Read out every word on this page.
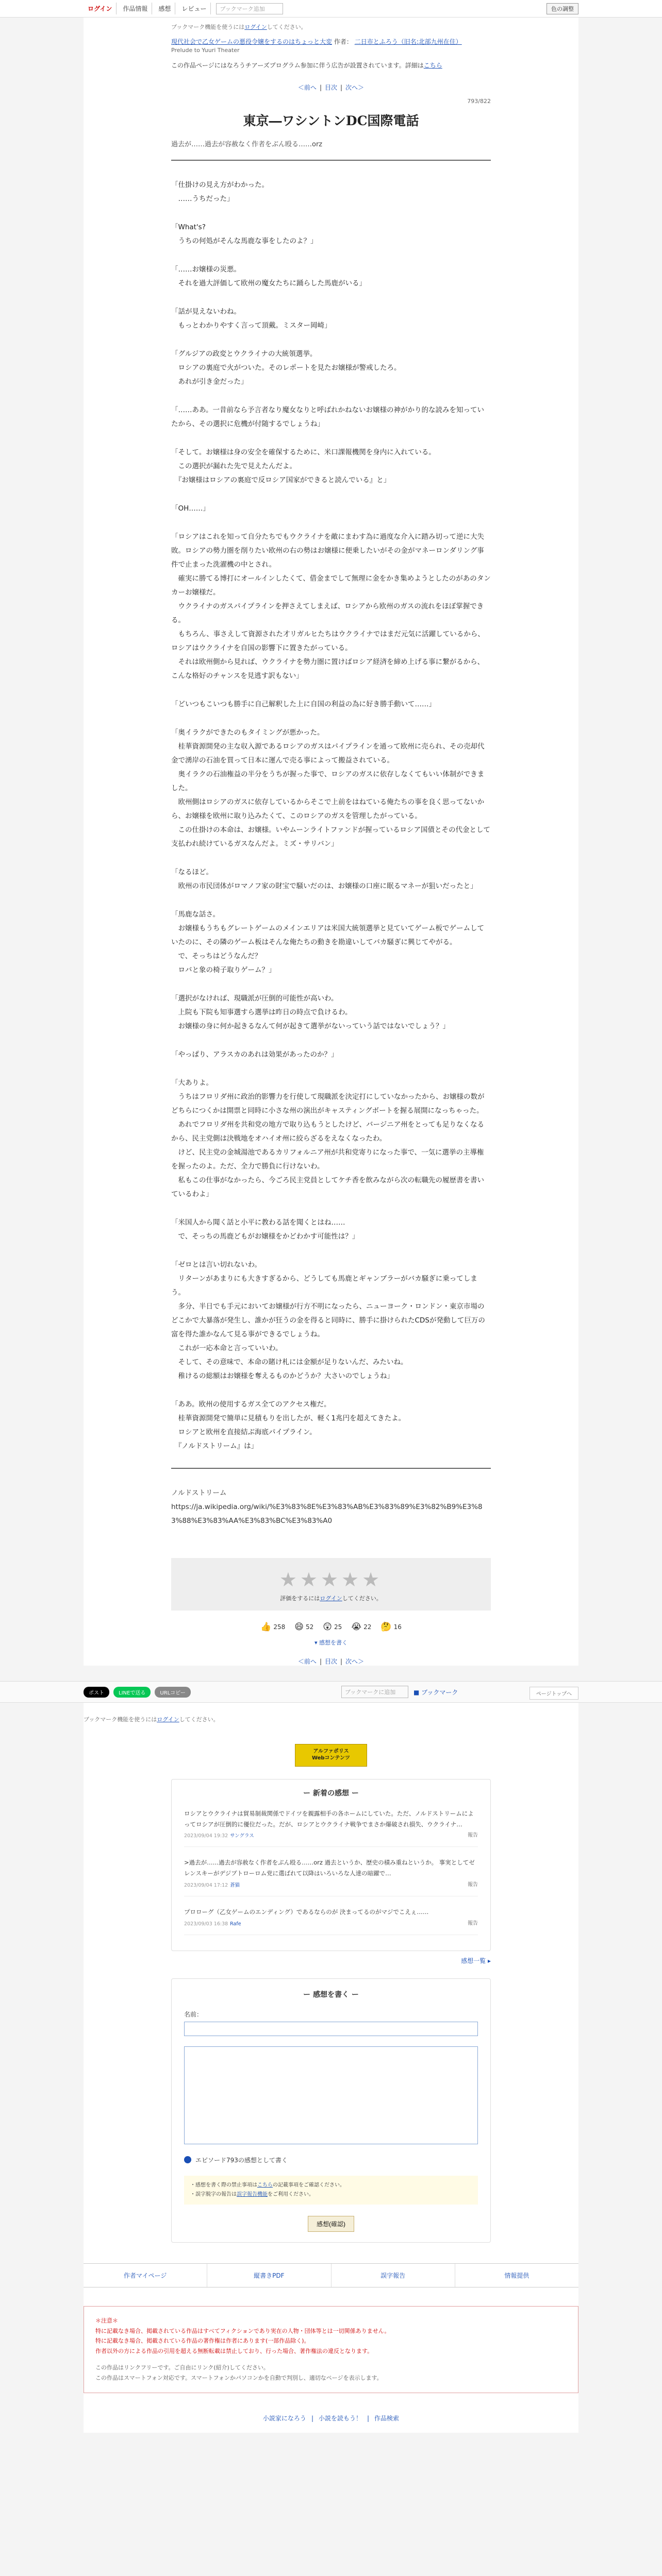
ログイン	作品情報	感想	レビュー	ブックマーク追加	色の調整
ブックマーク機能を使うにはログインしてください。
現代社会で乙女ゲームの悪役令嬢をするのはちょっと大変 作者： 二日市とふろう（旧名:北部九州在住）
Prelude to Yuuri Theater
この作品ページにはなろうチアーズプログラム参加に伴う広告が設置されています。詳細はこちら
＜前へ | 目次 | 次へ＞
793/822
東京―ワシントンDC国際電話
過去が……過去が容赦なく作者をぶん殴る……orz

「仕掛けの見え方がわかった。
　……うちだった」

「What's?
　うちの何処がそんな馬鹿な事をしたのよ？」

「……お嬢様の災悪。
　それを過大評価して欧州の魔女たちに踊らした馬鹿がいる」

「話が見えないわね。
　もっとわかりやすく言って頂戴。ミスター岡崎」

「グルジアの政変とウクライナの大統領選挙。
　ロシアの裏庭で火がついた。そのレポートを見たお嬢様が警戒したろ。
　あれが引き金だった」

「……ああ。一昔前なら予言者なり魔女なりと呼ばれかねないお嬢様の神がかり的な読みを知っていたから、その選択に危機が付随するでしょうね」

「そして。お嬢様は身の安全を確保するために、米口課報機関を身内に入れている。
　この選択が漏れた先で見えたんだよ。
　『お嬢様はロシアの裏庭で反ロシア国家ができると読んでいる』と」

「OH……」

「ロシアはこれを知って自分たちでもウクライナを敵にまわす為に過度な介入に踏み切って逆に大失敗。ロシアの勢力圏を削りたい欧州の右の勢はお嬢様に便乗したいがその金がマネーロンダリング事件で止まった洗濯機の中とされ。
　確実に勝てる博打にオールインしたくて、借金までして無理に金をかき集めようとしたのがあのタンカーお嬢様だ。
　ウクライナのガスパイプラインを押さえてしまえば、ロシアから欧州のガスの流れをほぼ掌握できる。
　もちろん、事さえして資源された才リガルヒたちはウクライナではまだ元気に活躍しているから、ロシアはウクライナを自国の影響下に置きたがっている。
　それは欧州側から見れば、ウクライナを勢力圏に置けばロシア経済を締め上げる事に繋がるから、こんな格好のチャンスを見逃す訳もない」

「どいつもこいつも勝手に自己解釈した上に自国の利益の為に好き勝手動いて……」

「奥イラクができたのもタイミングが悪かった。
　桂華資源開発の主な収入源であるロシアのガスはパイプラインを通って欧州に売られ、その売却代金で湧岸の石油を買って日本に運んで売る事によって搬益されている。
　奥イラクの石油権益の半分をうちが握った事で、ロシアのガスに依存しなくてもいい体制ができました。
　欧州側はロシアのガスに依存しているからそこで上前をはねている俺たちの事を良く思ってないから、お嬢様を欧州に取り込みたくて、このロシアのガスを管理したがっている。
　この仕掛けの本命は、お嬢様。いやムーンライトファンドが握っているロシア国債とその代金として支払われ続けているガスなんだよ。ミズ・サリバン」

「なるほど。
　欧州の市民団体がロマノフ家の財宝で騒いだのは、お嬢様の口座に眠るマネーが狙いだったと」

「馬鹿な話さ。
　お嬢様もうちもグレートゲームのメインエリアは米国大統領選挙と見ていてゲーム板でゲームしていたのに、その隣のゲーム板はそんな俺たちの動きを勘違いしてバカ騒ぎに興じてやがる。
　で、そっちはどうなんだ？
　ロバと象の椅子取りゲーム？」

「選択がなければ、現職派が圧倒的可能性が高いわ。
　上院も下院も知事選すら選挙は昨日の時点で負けるわ。
　お嬢様の身に何か起きるなんて何が起きて選挙がないっていう話ではないでしょう？」

「やっぱり、アラスカのあれは効果があったのか？」

「大ありよ。
　うちはフロリダ州に政治的影響力を行使して現職派を決定打にしていなかったから、お嬢様の数がどちらにつくかは開票と同時に小さな州の演出がキャスティングボートを握る展開になっちゃった。
　あれでフロリダ州を共和党の地方で取り込もうとしたけど、バージニア州をとっても足りなくなるから、民主党側は決戦地をオハイオ州に絞らざるをえなくなったわ。
　けど、民主党の金城湯池であるカリフォルニア州が共和党寄りになった事で、一気に選挙の主導権を握ったのよ。ただ、全力で勝負に行けないわ。
　私もこの仕事がなかったら、今ごろ民主党員としてケチ香を飲みながら次の転職先の履歴書を書いているわよ」

「米国人から聞く話と小平に教わる話を聞くとはね……
　で、そっちの馬鹿どもがお嬢様をかどわかす可能性は？」

「ゼロとは言い切れないわ。
　リターンがあまりにも大きすぎるから、どうしても馬鹿とギャンブラーがバカ騒ぎに乗ってしまう。
　多分、半日でも手元においてお嬢様が行方不明になったら、ニューヨーク・ロンドン・東京市場のどこかで大暴落が発生し、誰かが狂うの金を得ると同時に、勝手に掛けられたCDSが発動して巨万の富を得た誰かなんて見る事ができるでしょうね。
　これが一応本命と言っていいわ。
　そして、その意味で、本命の賭け札には金額が足りないんだ、みたいね。
　稚けるの総額はお嬢様を奪えるものかどうか？大さいのでしょうね」

「ああ。欧州の使用するガス全てのアクセス権だ。
　桂華資源開発で簡単に見積もりを出したが、軽く1兆円を超えてきたよ。
　ロシアと欧州を直接結ぶ海底パイプライン。
　『ノルドストリーム』は」

ノルドストリーム
https://ja.wikipedia.org/wiki/%E3%83%8E%E3%83%AB%E3%83%89%E3%82%B9%E3%83%88%E3%83%AA%E3%83%BC%E3%83%A0
★★★★★
評価をするにはログインしてください。
👍 258 😄 52 😲 25 😭 22 🤔 16
▾ 感想を書く
＜前へ | 目次 | 次へ＞
ポスト	LINEで送る	URLコピー	ブックマークに追加	■ ブックマーク	ページトップへ
ブックマーク機能を使うにはログインしてください。
アルファポリス
Webコンテンツ
ー 新着の感想 ー
ロシアとウクライナは貿易制裁関係でドイツを親露相手の各ホームにしていた。ただ、ノルドストリームによってロシアが圧倒的に優位だった。だが、ロシアとウクライナ戦争でまさか爆破され損失、ウクライナ…
2023/09/04 19:32 サングラス	報告
>過去が……過去が容赦なく作者をぶん殴る……orz 過去というか、歴史の積み重ねというか。 事実としてゼレンスキーがデジブトローロム党に選ばれて以降はいろいろな人達の暗躍で…
2023/09/04 17:12 蒼猫	報告
プロローグ（乙女ゲームのエンディング）であるならのが 決まってるのがマジでこえぇ……
2023/09/03 16:38 Rafe	報告
感想一覧 ▸
ー 感想を書く ー
名前：
エピソード793の感想として書く
・感想を書く際の禁止事項はこちらの記載事項をご確認ください。
・誤字脱字の報告は誤字報告機能をご利用ください。
感想(確認)
作者マイページ	縦書きPDF	誤字報告	情報提供
＊注意＊
特に記載なき場合、掲載されている作品はすべてフィクションであり実在の人物・団体等とは一切関係ありません。
特に記載なき場合、掲載されている作品の著作権は作者にあります(一部作品除く)。
作者以外の方による作品の引用を超える無断転載は禁止しており、行った場合、著作権法の違反となります。
この作品はリンクフリーです。ご自由にリンク(紹介)してください。
この作品はスマートフォン対応です。スマートフォンかパソコンかを自動で判別し、適切なページを表示します。
小説家になろう | 小説を読もう！ | 作品検索
